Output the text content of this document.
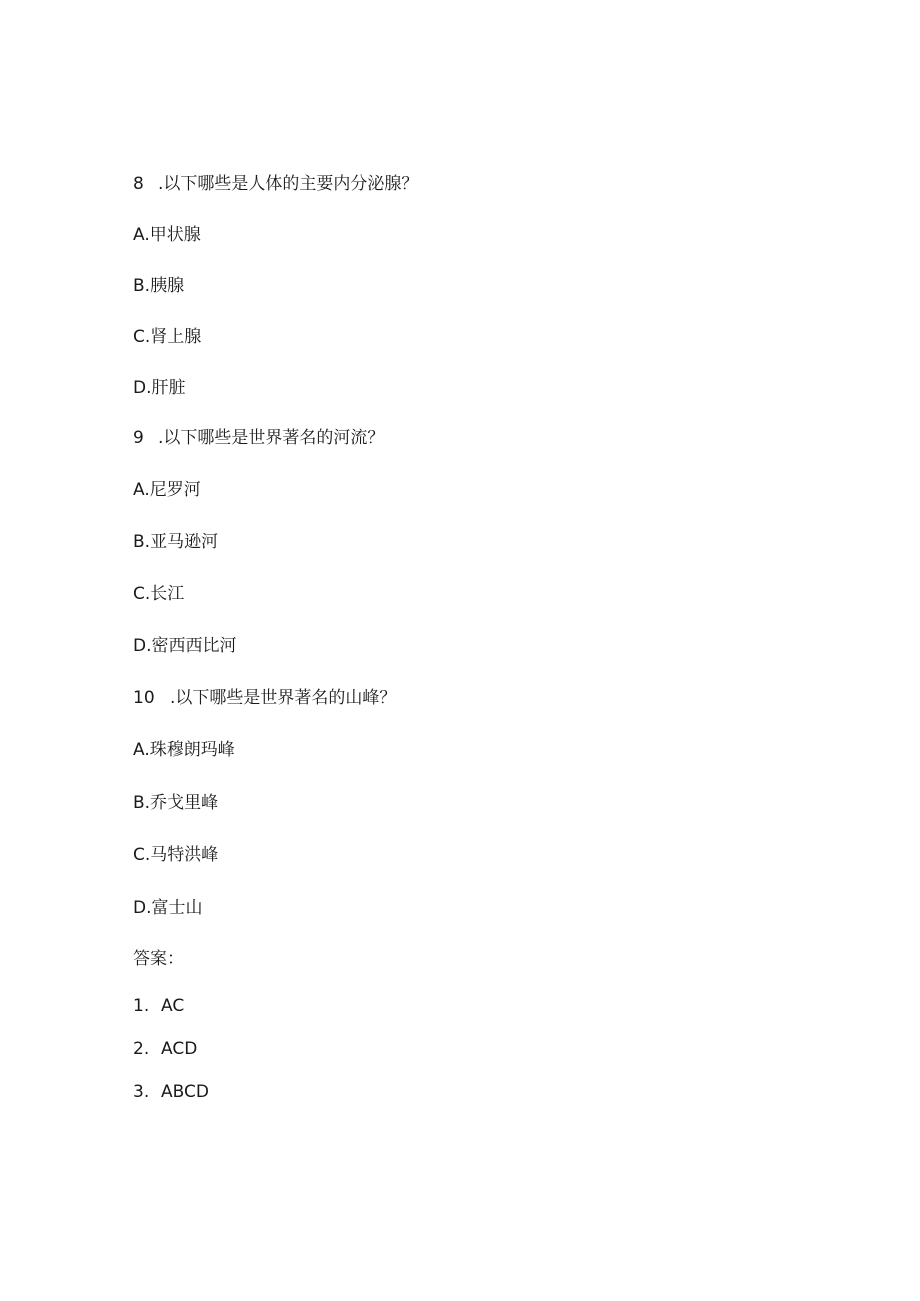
8 .以下哪些是人体的主要内分泌腺？
A.甲状腺
B.胰腺
C.肾上腺
D.肝脏
9 .以下哪些是世界著名的河流？
A.尼罗河
B.亚马逊河
C.长江
D.密西西比河
10 .以下哪些是世界著名的山峰？
A.珠穆朗玛峰
B.乔戈里峰
C.马特洪峰
D.富士山
答案：
1. AC
2. ACD
3. ABCD
